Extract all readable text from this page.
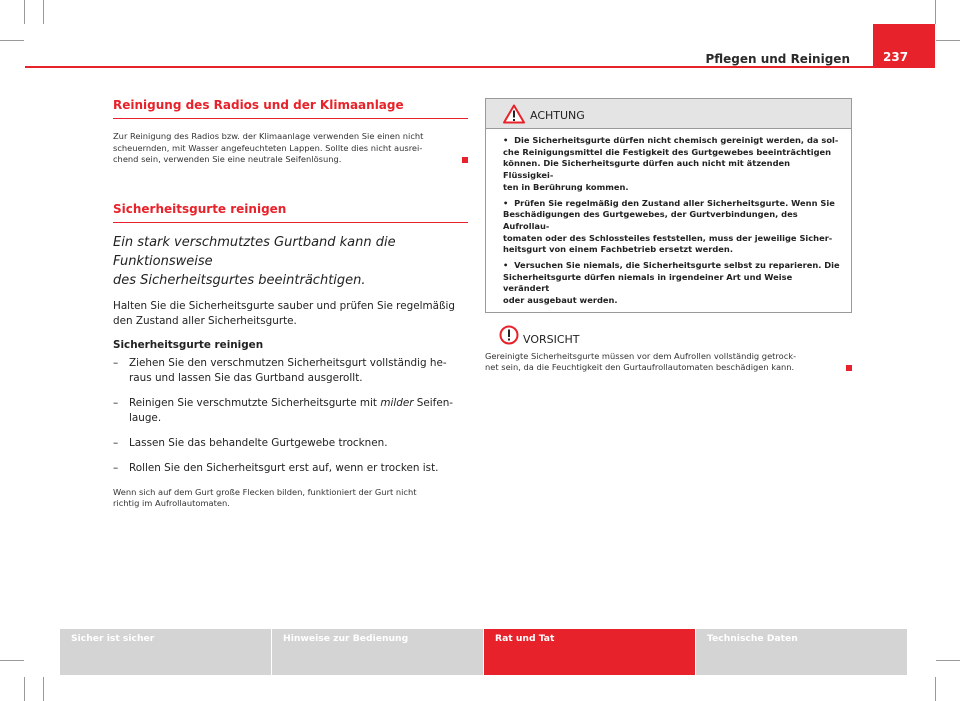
Pflegen und Reinigen	237
Reinigung des Radios und der Klimaanlage
Zur Reinigung des Radios bzw. der Klimaanlage verwenden Sie einen nicht
scheuernden, mit Wasser angefeuchteten Lappen. Sollte dies nicht ausrei-
chend sein, verwenden Sie eine neutrale Seifenlösung.
Sicherheitsgurte reinigen
Ein stark verschmutztes Gurtband kann die Funktionsweise
des Sicherheitsgurtes beeinträchtigen.
Halten Sie die Sicherheitsgurte sauber und prüfen Sie regelmäßig
den Zustand aller Sicherheitsgurte.
Sicherheitsgurte reinigen
– Ziehen Sie den verschmutzen Sicherheitsgurt vollständig he-
raus und lassen Sie das Gurtband ausgerollt.
– Reinigen Sie verschmutzte Sicherheitsgurte mit milder Seifen-
lauge.
– Lassen Sie das behandelte Gurtgewebe trocknen.
– Rollen Sie den Sicherheitsgurt erst auf, wenn er trocken ist.
Wenn sich auf dem Gurt große Flecken bilden, funktioniert der Gurt nicht
richtig im Aufrollautomaten.
ACHTUNG
• Die Sicherheitsgurte dürfen nicht chemisch gereinigt werden, da sol-
che Reinigungsmittel die Festigkeit des Gurtgewebes beeinträchtigen
können. Die Sicherheitsgurte dürfen auch nicht mit ätzenden Flüssigkei-
ten in Berührung kommen.
• Prüfen Sie regelmäßig den Zustand aller Sicherheitsgurte. Wenn Sie
Beschädigungen des Gurtgewebes, der Gurtverbindungen, des Aufrollau-
tomaten oder des Schlossteiles feststellen, muss der jeweilige Sicher-
heitsgurt von einem Fachbetrieb ersetzt werden.
• Versuchen Sie niemals, die Sicherheitsgurte selbst zu reparieren. Die
Sicherheitsgurte dürfen niemals in irgendeiner Art und Weise verändert
oder ausgebaut werden.
VORSICHT
Gereinigte Sicherheitsgurte müssen vor dem Aufrollen vollständig getrock-
net sein, da die Feuchtigkeit den Gurtaufrollautomaten beschädigen kann.
Sicher ist sicher	Hinweise zur Bedienung	Rat und Tat	Technische Daten
